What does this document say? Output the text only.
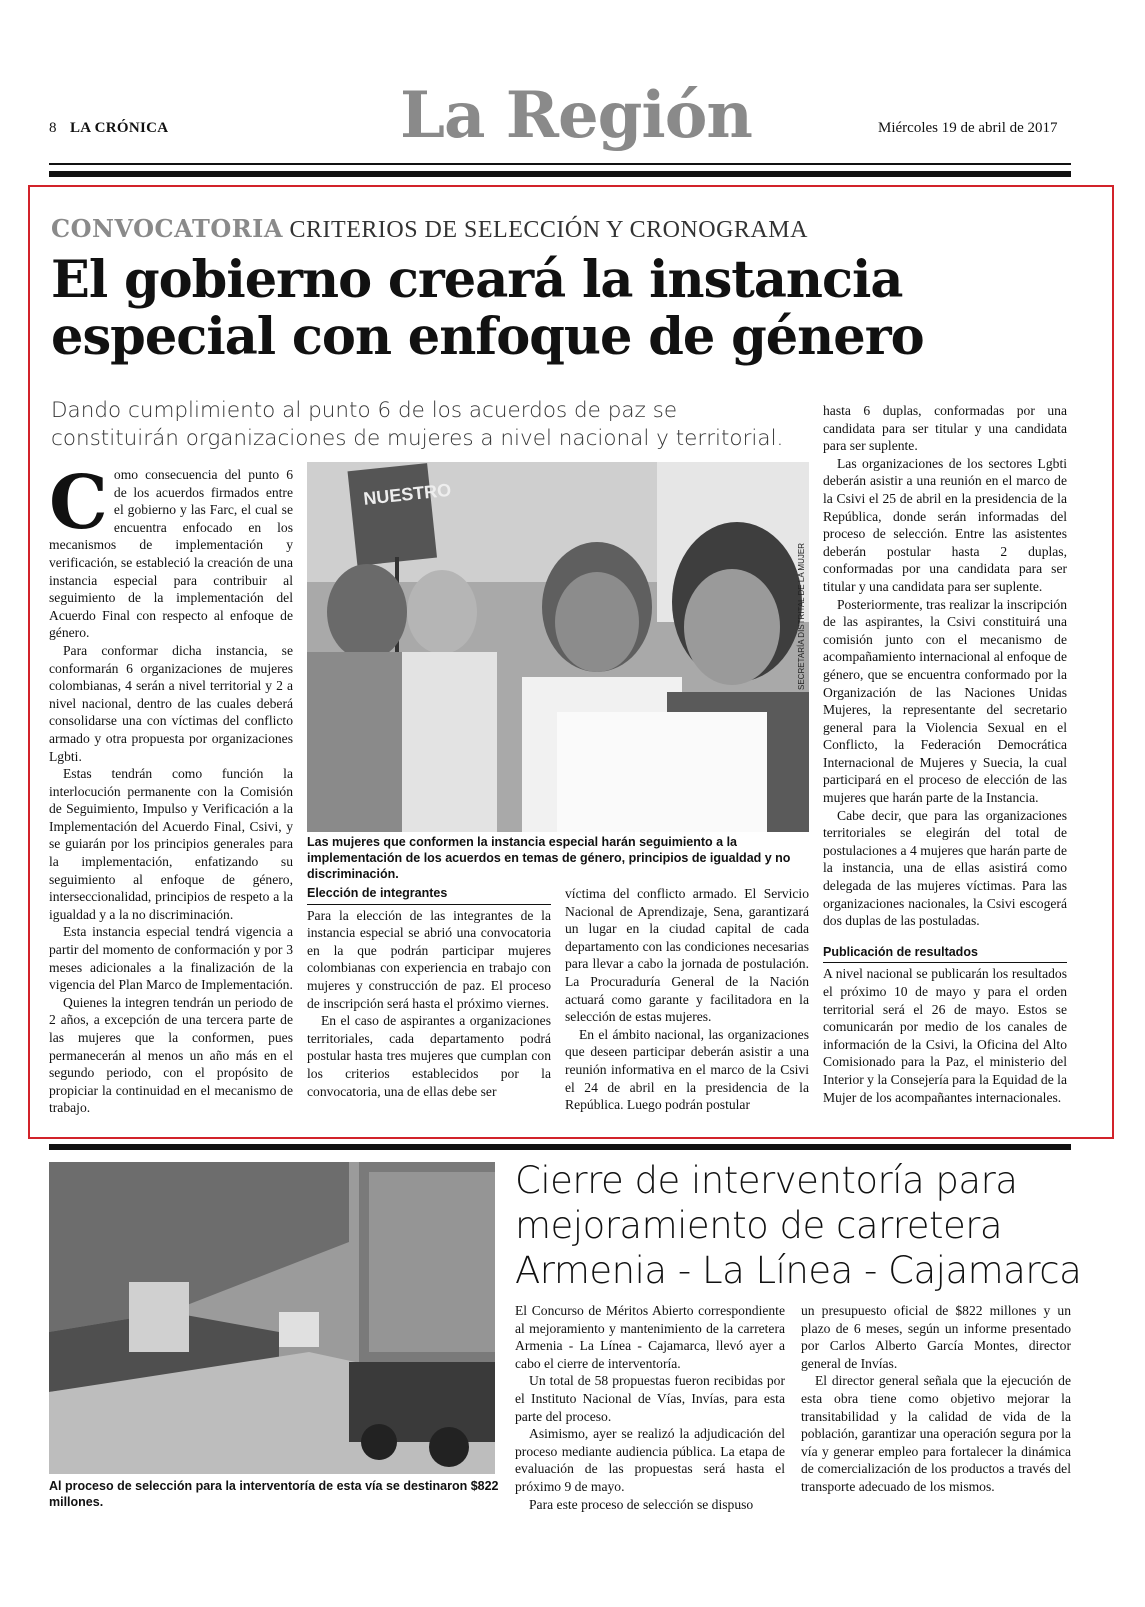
8 LA CRÓNICA	La Región	Miércoles 19 de abril de 2017
CONVOCATORIA CRITERIOS DE SELECCIÓN Y CRONOGRAMA
El gobierno creará la instancia especial con enfoque de género
Dando cumplimiento al punto 6 de los acuerdos de paz se constituirán organizaciones de mujeres a nivel nacional y territorial.
C omo consecuencia del punto 6 de los acuerdos firmados entre el gobierno y las Farc, el cual se encuentra enfocado en los mecanismos de implementación y verificación, se estableció la creación de una instancia especial para contribuir al seguimiento de la implementación del Acuerdo Final con respecto al enfoque de género.

Para conformar dicha instancia, se conformarán 6 organizaciones de mujeres colombianas, 4 serán a nivel territorial y 2 a nivel nacional, dentro de las cuales deberá consolidarse una con víctimas del conflicto armado y otra propuesta por organizaciones Lgbti.

Estas tendrán como función la interlocución permanente con la Comisión de Seguimiento, Impulso y Verificación a la Implementación del Acuerdo Final, Csivi, y se guiarán por los principios generales para la implementación, enfatizando su seguimiento al enfoque de género, interseccionalidad, principios de respeto a la igualdad y a la no discriminación.

Esta instancia especial tendrá vigencia a partir del momento de conformación y por 3 meses adicionales a la finalización de la vigencia del Plan Marco de Implementación.

Quienes la integren tendrán un periodo de 2 años, a excepción de una tercera parte de las mujeres que la conformen, pues permanecerán al menos un año más en el segundo periodo, con el propósito de propiciar la continuidad en el mecanismo de trabajo.

NUESTRO
SECRETARÍA DISTRITAL DE LA MUJER
Las mujeres que conformen la instancia especial harán seguimiento a la implementación de los acuerdos en temas de género, principios de igualdad y no discriminación.
Elección de integrantes

Para la elección de las integrantes de la instancia especial se abrió una convocatoria en la que podrán participar mujeres colombianas con experiencia en trabajo con mujeres y construcción de paz. El proceso de inscripción será hasta el próximo viernes.

En el caso de aspirantes a organizaciones territoriales, cada departamento podrá postular hasta tres mujeres que cumplan con los criterios establecidos por la convocatoria, una de ellas debe ser

víctima del conflicto armado. El Servicio Nacional de Aprendizaje, Sena, garantizará un lugar en la ciudad capital de cada departamento con las condiciones necesarias para llevar a cabo la jornada de postulación. La Procuraduría General de la Nación actuará como garante y facilitadora en la selección de estas mujeres.

En el ámbito nacional, las organizaciones que deseen participar deberán asistir a una reunión informativa en el marco de la Csivi el 24 de abril en la presidencia de la República. Luego podrán postular

hasta 6 duplas, conformadas por una candidata para ser titular y una candidata para ser suplente.

Las organizaciones de los sectores Lgbti deberán asistir a una reunión en el marco de la Csivi el 25 de abril en la presidencia de la República, donde serán informadas del proceso de selección. Entre las asistentes deberán postular hasta 2 duplas, conformadas por una candidata para ser titular y una candidata para ser suplente.

Posteriormente, tras realizar la inscripción de las aspirantes, la Csivi constituirá una comisión junto con el mecanismo de acompañamiento internacional al enfoque de género, que se encuentra conformado por la Organización de las Naciones Unidas Mujeres, la representante del secretario general para la Violencia Sexual en el Conflicto, la Federación Democrática Internacional de Mujeres y Suecia, la cual participará en el proceso de elección de las mujeres que harán parte de la Instancia.

Cabe decir, que para las organizaciones territoriales se elegirán del total de postulaciones a 4 mujeres que harán parte de la instancia, una de ellas asistirá como delegada de las mujeres víctimas. Para las organizaciones nacionales, la Csivi escogerá dos duplas de las postuladas.

Publicación de resultados

A nivel nacional se publicarán los resultados el próximo 10 de mayo y para el orden territorial será el 26 de mayo. Estos se comunicarán por medio de los canales de información de la Csivi, la Oficina del Alto Comisionado para la Paz, el ministerio del Interior y la Consejería para la Equidad de la Mujer de los acompañantes internacionales.

Al proceso de selección para la interventoría de esta vía se destinaron $822 millones.
Cierre de interventoría para mejoramiento de carretera Armenia - La Línea - Cajamarca

El Concurso de Méritos Abierto correspondiente al mejoramiento y mantenimiento de la carretera Armenia - La Línea - Cajamarca, llevó ayer a cabo el cierre de interventoría.

Un total de 58 propuestas fueron recibidas por el Instituto Nacional de Vías, Invías, para esta parte del proceso.

Asimismo, ayer se realizó la adjudicación del proceso mediante audiencia pública. La etapa de evaluación de las propuestas será hasta el próximo 9 de mayo.

Para este proceso de selección se dispuso

un presupuesto oficial de $822 millones y un plazo de 6 meses, según un informe presentado por Carlos Alberto García Montes, director general de Invías.

El director general señala que la ejecución de esta obra tiene como objetivo mejorar la transitabilidad y la calidad de vida de la población, garantizar una operación segura por la vía y generar empleo para fortalecer la dinámica de comercialización de los productos a través del transporte adecuado de los mismos.
